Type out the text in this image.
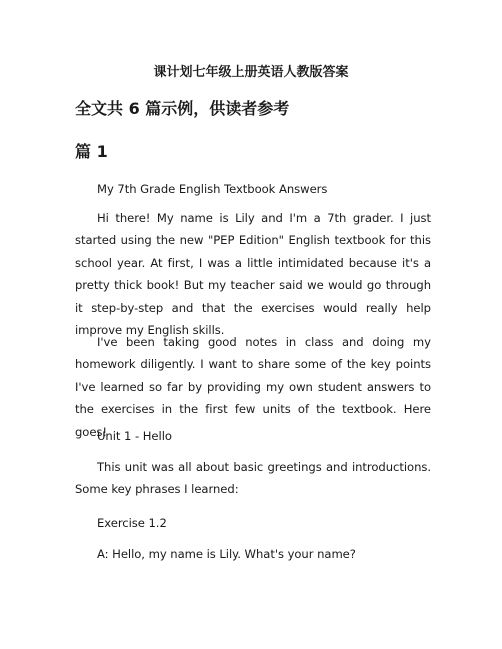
课计划七年级上册英语人教版答案
全文共 6 篇示例，供读者参考
篇 1
My 7th Grade English Textbook Answers
Hi there! My name is Lily and I'm a 7th grader. I just started using the new "PEP Edition" English textbook for this school year. At first, I was a little intimidated because it's a pretty thick book! But my teacher said we would go through it step-by-step and that the exercises would really help improve my English skills.
I've been taking good notes in class and doing my homework diligently. I want to share some of the key points I've learned so far by providing my own student answers to the exercises in the first few units of the textbook. Here goes!
Unit 1 - Hello
This unit was all about basic greetings and introductions. Some key phrases I learned:
Exercise 1.2
A: Hello, my name is Lily. What's your name?
